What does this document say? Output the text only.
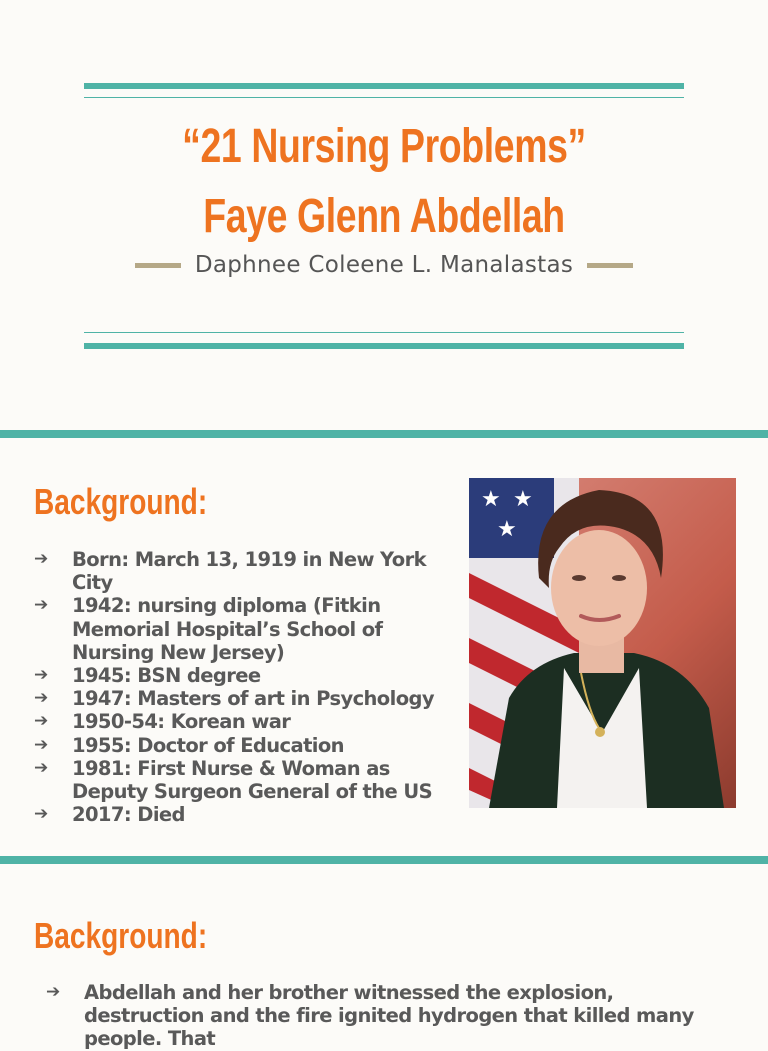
“21 Nursing Problems”
Faye Glenn Abdellah
Daphnee Coleene L. Manalastas
Background:
➔ Born: March 13, 1919 in New York City
➔ 1942: nursing diploma (Fitkin Memorial Hospital’s School of Nursing New Jersey)
➔ 1945: BSN degree
➔ 1947: Masters of art in Psychology
➔ 1950-54: Korean war
➔ 1955: Doctor of Education
➔ 1981: First Nurse & Woman as Deputy Surgeon General of the US
➔ 2017: Died
★ ★
★
Background:
➔ Abdellah and her brother witnessed the explosion, destruction and the fire ignited hydrogen that killed many people. That
